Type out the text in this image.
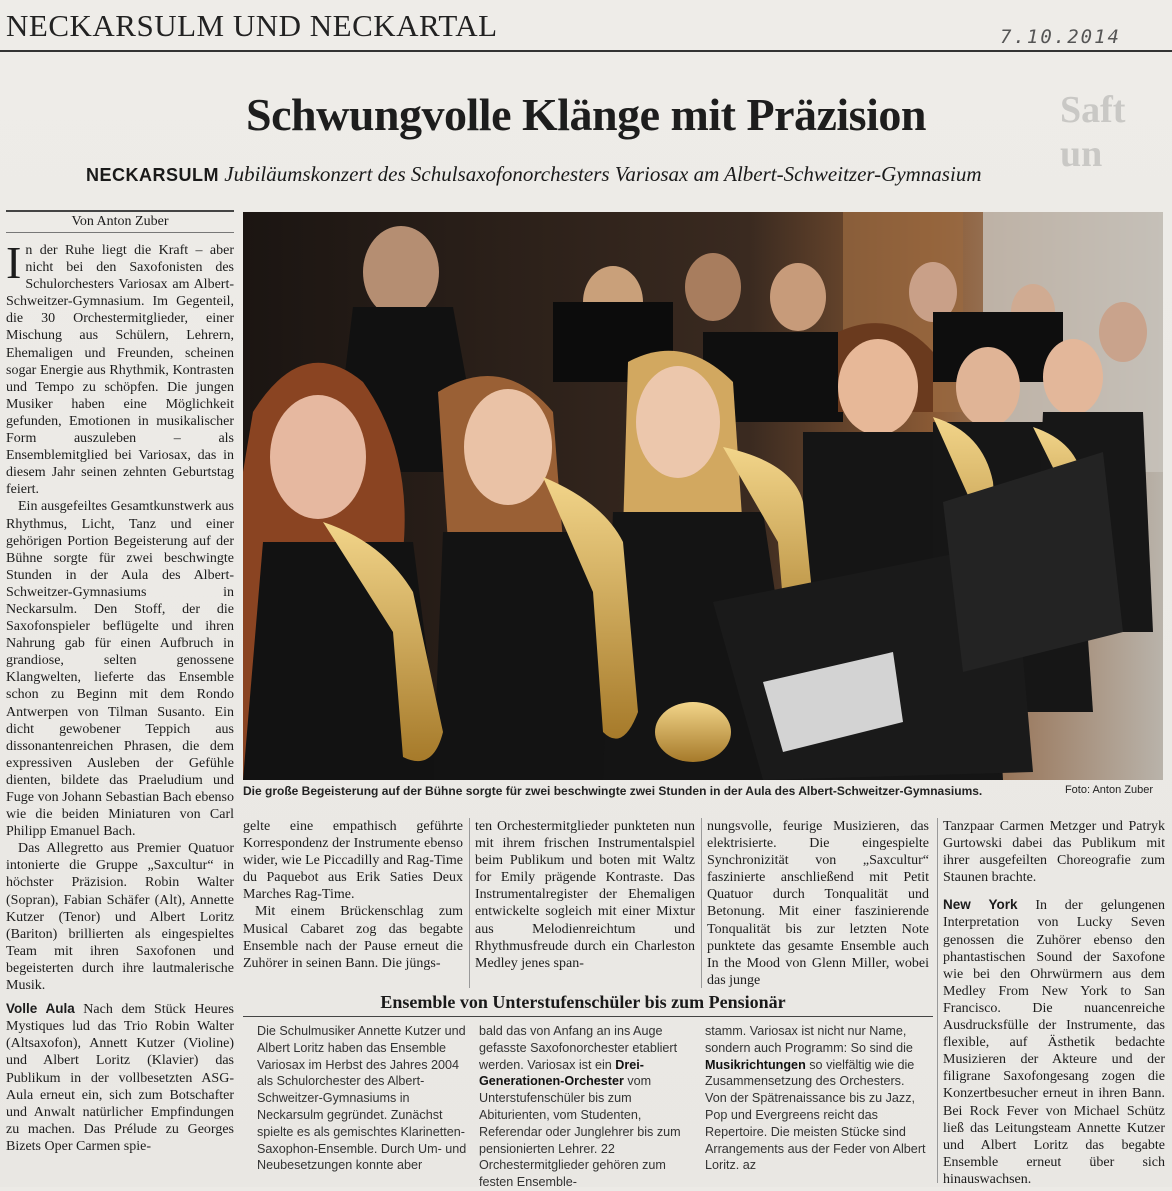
NECKARSULM UND NECKARTAL	7.10.2014
Saft un
Schwungvolle Klänge mit Präzision
NECKARSULM Jubiläumskonzert des Schulsaxofonorchesters Variosax am Albert-Schweitzer-Gymnasium
Von Anton Zuber

In der Ruhe liegt die Kraft – aber nicht bei den Saxofonisten des Schulorchesters Variosax am Albert-Schweitzer-Gymnasium. Im Gegenteil, die 30 Orchestermitglieder, einer Mischung aus Schülern, Lehrern, Ehemaligen und Freunden, scheinen sogar Energie aus Rhythmik, Kontrasten und Tempo zu schöpfen. Die jungen Musiker haben eine Möglichkeit gefunden, Emotionen in musikalischer Form auszuleben – als Ensemblemitglied bei Variosax, das in diesem Jahr seinen zehnten Geburtstag feiert.

Ein ausgefeiltes Gesamtkunstwerk aus Rhythmus, Licht, Tanz und einer gehörigen Portion Begeisterung auf der Bühne sorgte für zwei beschwingte Stunden in der Aula des Albert-Schweitzer-Gymnasiums in Neckarsulm. Den Stoff, der die Saxofonspieler beflügelte und ihren Nahrung gab für einen Aufbruch in grandiose, selten genossene Klangwelten, lieferte das Ensemble schon zu Beginn mit dem Rondo Antwerpen von Tilman Susanto. Ein dicht gewobener Teppich aus dissonantenreichen Phrasen, die dem expressiven Ausleben der Gefühle dienten, bildete das Praeludium und Fuge von Johann Sebastian Bach ebenso wie die beiden Miniaturen von Carl Philipp Emanuel Bach.

Das Allegretto aus Premier Quatuor intonierte die Gruppe „Saxcultur“ in höchster Präzision. Robin Walter (Sopran), Fabian Schäfer (Alt), Annette Kutzer (Tenor) und Albert Loritz (Bariton) brillierten als eingespieltes Team mit ihren Saxofonen und begeisterten durch ihre lautmalerische Musik.

Volle Aula Nach dem Stück Heures Mystiques lud das Trio Robin Walter (Altsaxofon), Annett Kutzer (Violine) und Albert Loritz (Klavier) das Publikum in der vollbesetzten ASG-Aula erneut ein, sich zum Botschafter und Anwalt natürlicher Empfindungen zu machen. Das Prélude zu Georges Bizets Oper Carmen spie-

Die große Begeisterung auf der Bühne sorgte für zwei beschwingte zwei Stunden in der Aula des Albert-Schweitzer-Gymnasiums.	Foto: Anton Zuber

gelte eine empathisch geführte Korrespondenz der Instrumente ebenso wider, wie Le Piccadilly and Rag-Time du Paquebot aus Erik Saties Deux Marches Rag-Time.

Mit einem Brückenschlag zum Musical Cabaret zog das begabte Ensemble nach der Pause erneut die Zuhörer in seinen Bann. Die jüngs-

ten Orchestermitglieder punkteten nun mit ihrem frischen Instrumentalspiel beim Publikum und boten mit Waltz for Emily prägende Kontraste. Das Instrumentalregister der Ehemaligen entwickelte sogleich mit einer Mixtur aus Melodienreichtum und Rhythmusfreude durch ein Charleston Medley jenes span-

nungsvolle, feurige Musizieren, das elektrisierte. Die eingespielte Synchronizität von „Saxcultur“ faszinierte anschließend mit Petit Quatuor durch Tonqualität und Betonung. Mit einer faszinierende Tonqualität bis zur letzten Note punktete das gesamte Ensemble auch In the Mood von Glenn Miller, wobei das junge

Tanzpaar Carmen Metzger und Patryk Gurtowski dabei das Publikum mit ihrer ausgefeilten Choreografie zum Staunen brachte.

New York In der gelungenen Interpretation von Lucky Seven genossen die Zuhörer ebenso den phantastischen Sound der Saxofone wie bei den Ohrwürmern aus dem Medley From New York to San Francisco. Die nuancenreiche Ausdrucksfülle der Instrumente, das flexible, auf Ästhetik bedachte Musizieren der Akteure und der filigrane Saxofongesang zogen die Konzertbesucher erneut in ihren Bann. Bei Rock Fever von Michael Schütz ließ das Leitungsteam Annette Kutzer und Albert Loritz das begabte Ensemble erneut über sich hinauswachsen.

Ensemble von Unterstufenschüler bis zum Pensionär
Die Schulmusiker Annette Kutzer und Albert Loritz haben das Ensemble Variosax im Herbst des Jahres 2004 als Schulorchester des Albert-Schweitzer-Gymnasiums in Neckarsulm gegründet. Zunächst spielte es als gemischtes Klarinetten-Saxophon-Ensemble. Durch Um- und Neubesetzungen konnte aber
bald das von Anfang an ins Auge gefasste Saxofonorchester etabliert werden. Variosax ist ein Drei-Generationen-Orchester vom Unterstufenschüler bis zum Abiturienten, vom Studenten, Referendar oder Junglehrer bis zum pensionierten Lehrer. 22 Orchestermitglieder gehören zum festen Ensemble-
stamm. Variosax ist nicht nur Name, sondern auch Programm: So sind die Musikrichtungen so vielfältig wie die Zusammensetzung des Orchesters. Von der Spätrenaissance bis zu Jazz, Pop und Evergreens reicht das Repertoire. Die meisten Stücke sind Arrangements aus der Feder von Albert Loritz. az
